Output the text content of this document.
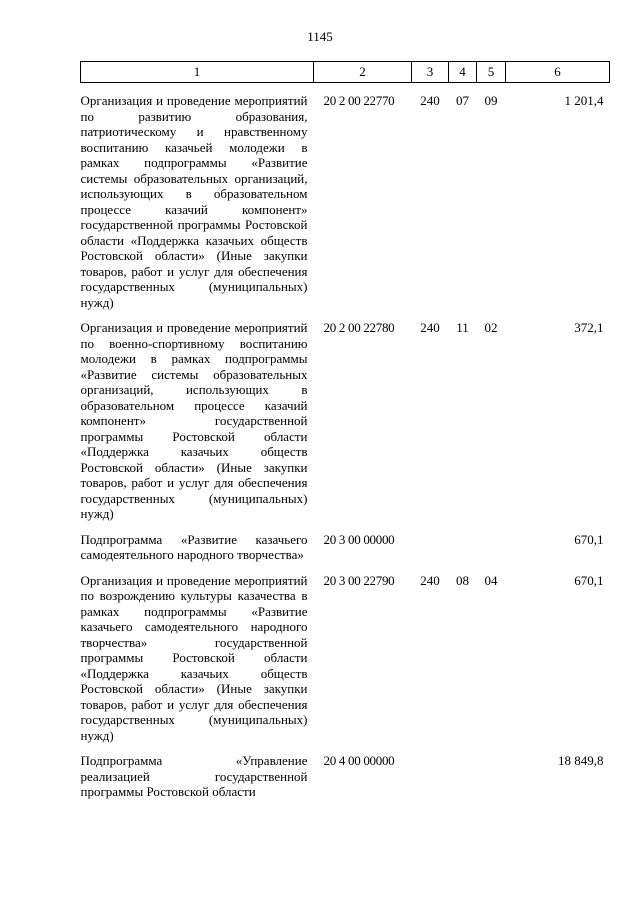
1145
1	2	3	4	5	6

Организация и проведение мероприятий по развитию образования, патриотическому и нравственному воспитанию казачьей молодежи в рамках подпрограммы «Развитие системы образовательных организаций, использующих в образовательном процессе казачий компонент» государственной программы Ростовской области «Поддержка казачьих обществ Ростовской области» (Иные закупки товаров, работ и услуг для обеспечения государственных (муниципальных) нужд)	20 2 00 22770	240	07	09	1 201,4

Организация и проведение мероприятий по военно-спортивному воспитанию молодежи в рамках подпрограммы «Развитие системы образовательных организаций, использующих в образовательном процессе казачий компонент» государственной программы Ростовской области «Поддержка казачьих обществ Ростовской области» (Иные закупки товаров, работ и услуг для обеспечения государственных (муниципальных) нужд)	20 2 00 22780	240	11	02	372,1

Подпрограмма «Развитие казачьего самодеятельного народного творчества»	20 3 00 00000				670,1

Организация и проведение мероприятий по возрождению культуры казачества в рамках подпрограммы «Развитие казачьего самодеятельного народного творчества» государственной программы Ростовской области «Поддержка казачьих обществ Ростовской области» (Иные закупки товаров, работ и услуг для обеспечения государственных (муниципальных) нужд)	20 3 00 22790	240	08	04	670,1

Подпрограмма «Управление реализацией государственной программы Ростовской области	20 4 00 00000				18 849,8
